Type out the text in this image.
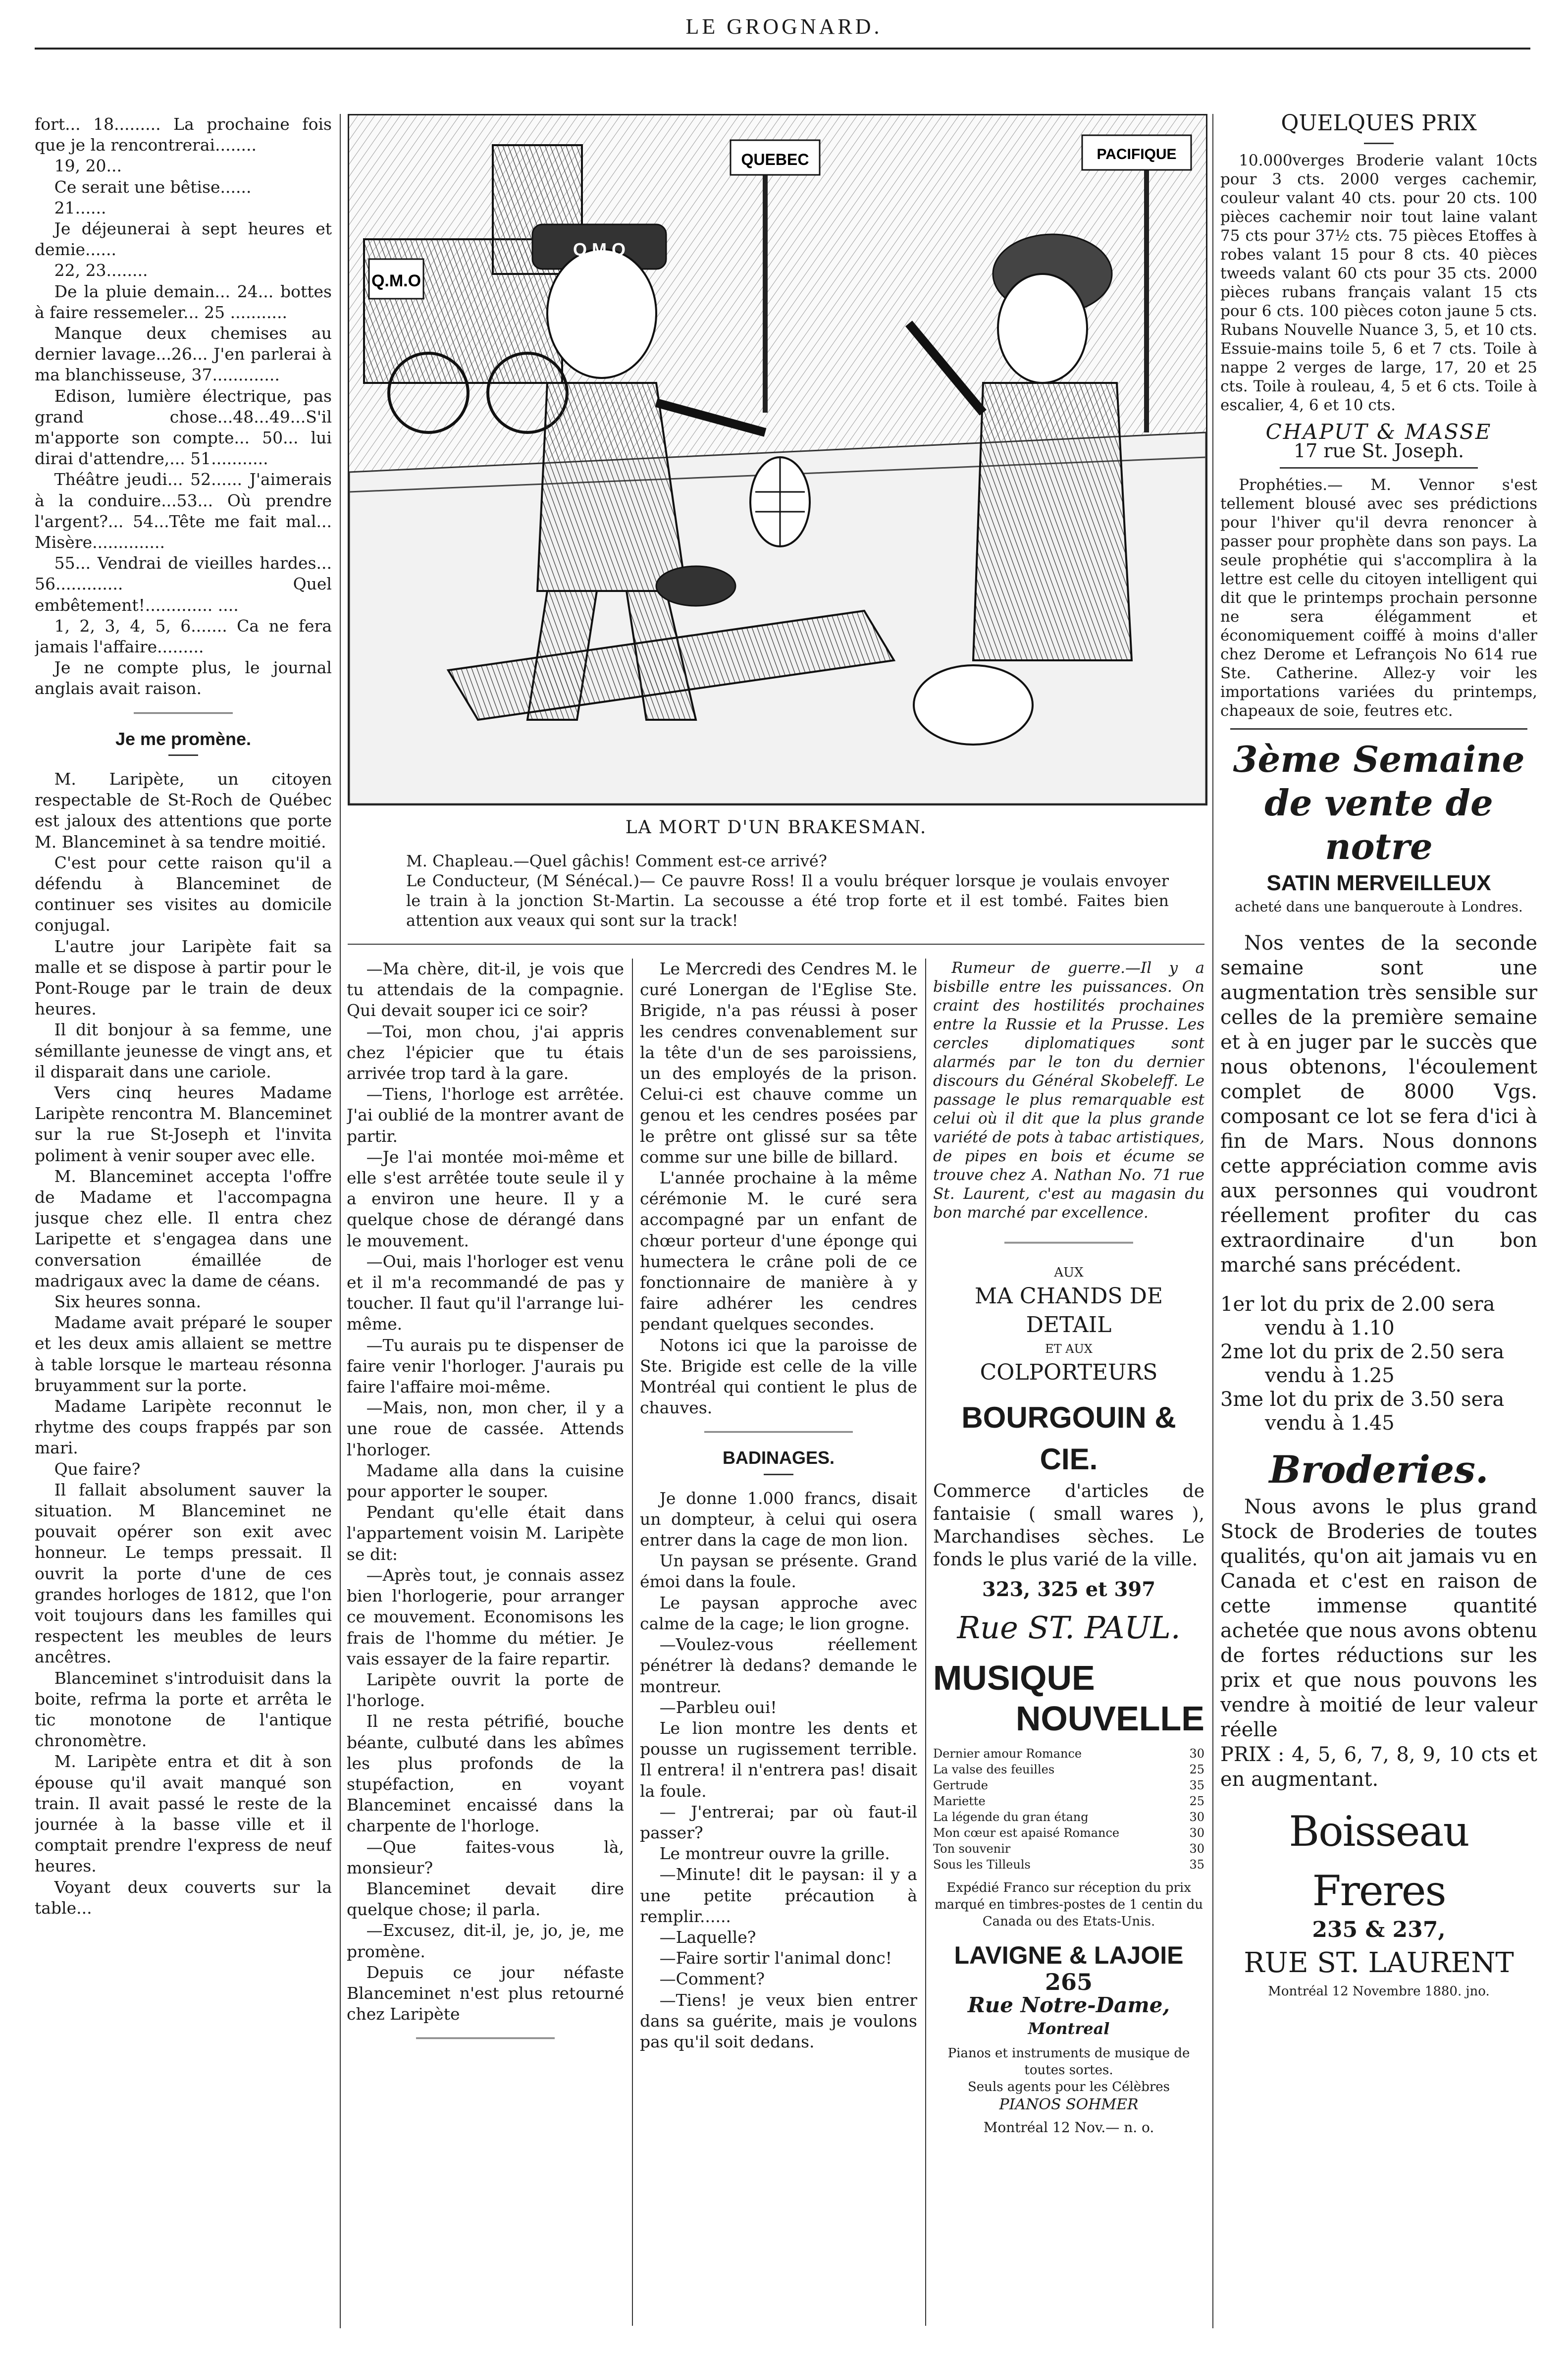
LE GROGNARD.

fort... 18......... La prochaine fois que je la rencontrerai........

19, 20...

Ce serait une bêtise......

21......

Je déjeunerai à sept heures et demie......

22, 23........

De la pluie demain... 24... bottes à faire ressemeler... 25 ...........

Manque deux chemises au dernier lavage...26... J'en parlerai à ma blanchisseuse, 37.............

Edison, lumière électrique, pas grand chose...48...49...S'il m'apporte son compte... 50... lui dirai d'attendre,... 51...........

Théâtre jeudi... 52...... J'aimerais à la conduire...53... Où prendre l'argent?... 54...Tête me fait mal... Misère..............

55... Vendrai de vieilles hardes... 56............. Quel embêtement!............. ....

1, 2, 3, 4, 5, 6....... Ca ne fera jamais l'affaire.........

Je ne compte plus, le journal anglais avait raison.

Je me promène.

M. Laripète, un citoyen respectable de St-Roch de Québec est jaloux des attentions que porte M. Blanceminet à sa tendre moitié.

C'est pour cette raison qu'il a défendu à Blanceminet de continuer ses visites au domicile conjugal.

L'autre jour Laripète fait sa malle et se dispose à partir pour le Pont-Rouge par le train de deux heures.

Il dit bonjour à sa femme, une sémillante jeunesse de vingt ans, et il disparait dans une cariole.

Vers cinq heures Madame Laripète rencontra M. Blanceminet sur la rue St-Joseph et l'invita poliment à venir souper avec elle.

M. Blanceminet accepta l'offre de Madame et l'accompagna jusque chez elle. Il entra chez Laripette et s'engagea dans une conversation émaillée de madrigaux avec la dame de céans.

Six heures sonna.

Madame avait préparé le souper et les deux amis allaient se mettre à table lorsque le marteau résonna bruyamment sur la porte.

Madame Laripète reconnut le rhytme des coups frappés par son mari.

Que faire?

Il fallait absolument sauver la situation. M Blanceminet ne pouvait opérer son exit avec honneur. Le temps pressait. Il ouvrit la porte d'une de ces grandes horloges de 1812, que l'on voit toujours dans les familles qui respectent les meubles de leurs ancêtres.

Blanceminet s'introduisit dans la boite, refrma la porte et arrêta le tic monotone de l'antique chronomètre.

M. Laripète entra et dit à son épouse qu'il avait manqué son train. Il avait passé le reste de la journée à la basse ville et il comptait prendre l'express de neuf heures.

Voyant deux couverts sur la table...

Q.M.O
QUEBEC	PACIFIQUE
Q.M.O
LA MORT D'UN BRAKESMAN.

M. Chapleau.—Quel gâchis! Comment est-ce arrivé?

Le Conducteur, (M Sénécal.)— Ce pauvre Ross! Il a voulu bréquer lorsque je voulais envoyer le train à la jonction St-Martin. La secousse a été trop forte et il est tombé. Faites bien attention aux veaux qui sont sur la track!

—Ma chère, dit-il, je vois que tu attendais de la compagnie. Qui devait souper ici ce soir?

—Toi, mon chou, j'ai appris chez l'épicier que tu étais arrivée trop tard à la gare.

—Tiens, l'horloge est arrêtée. J'ai oublié de la montrer avant de partir.

—Je l'ai montée moi-même et elle s'est arrêtée toute seule il y a environ une heure. Il y a quelque chose de dérangé dans le mouvement.

—Oui, mais l'horloger est venu et il m'a recommandé de pas y toucher. Il faut qu'il l'arrange lui-même.

—Tu aurais pu te dispenser de faire venir l'horloger. J'aurais pu faire l'affaire moi-même.

—Mais, non, mon cher, il y a une roue de cassée. Attends l'horloger.

Madame alla dans la cuisine pour apporter le souper.

Pendant qu'elle était dans l'appartement voisin M. Laripète se dit:

—Après tout, je connais assez bien l'horlogerie, pour arranger ce mouvement. Economisons les frais de l'homme du métier. Je vais essayer de la faire repartir.

Laripète ouvrit la porte de l'horloge.

Il ne resta pétrifié, bouche béante, culbuté dans les abîmes les plus profonds de la stupéfaction, en voyant Blanceminet encaissé dans la charpente de l'horloge.

—Que faites-vous là, monsieur?

Blanceminet devait dire quelque chose; il parla.

—Excusez, dit-il, je, jo, je, me promène.

Depuis ce jour néfaste Blanceminet n'est plus retourné chez Laripète

Le Mercredi des Cendres M. le curé Lonergan de l'Eglise Ste. Brigide, n'a pas réussi à poser les cendres convenablement sur la tête d'un de ses paroissiens, un des employés de la prison. Celui-ci est chauve comme un genou et les cendres posées par le prêtre ont glissé sur sa tête comme sur une bille de billard.

L'année prochaine à la même cérémonie M. le curé sera accompagné par un enfant de chœur porteur d'une éponge qui humectera le crâne poli de ce fonctionnaire de manière à y faire adhérer les cendres pendant quelques secondes.

Notons ici que la paroisse de Ste. Brigide est celle de la ville Montréal qui contient le plus de chauves.

BADINAGES.

Je donne 1.000 francs, disait un dompteur, à celui qui osera entrer dans la cage de mon lion.

Un paysan se présente. Grand émoi dans la foule.

Le paysan approche avec calme de la cage; le lion grogne.

—Voulez-vous réellement pénétrer là dedans? demande le montreur.

—Parbleu oui!

Le lion montre les dents et pousse un rugissement terrible. Il entrera! il n'entrera pas! disait la foule.

— J'entrerai; par où faut-il passer?

Le montreur ouvre la grille.

—Minute! dit le paysan: il y a une petite précaution à remplir......

—Laquelle?

—Faire sortir l'animal donc!

—Comment?

—Tiens! je veux bien entrer dans sa guérite, mais je voulons pas qu'il soit dedans.

Rumeur de guerre.—Il y a bisbille entre les puissances. On craint des hostilités prochaines entre la Russie et la Prusse. Les cercles diplomatiques sont alarmés par le ton du dernier discours du Général Skobeleff. Le passage le plus remarquable est celui où il dit que la plus grande variété de pots à tabac artistiques, de pipes en bois et écume se trouve chez A. Nathan No. 71 rue St. Laurent, c'est au magasin du bon marché par excellence.

AUX
MA CHANDS DE DETAIL
ET AUX
COLPORTEURS
BOURGOUIN & CIE.
Commerce d'articles de fantaisie ( small wares ), Marchandises sèches. Le fonds le plus varié de la ville.
323, 325 et 397
Rue ST. PAUL.
MUSIQUE
NOUVELLE
Dernier amour Romance	30
La valse des feuilles	25
Gertrude	35
Mariette	25
La légende du gran étang	30
Mon cœur est apaisé Romance	30
Ton souvenir	30
Sous les Tilleuls	35
Expédié Franco sur réception du prix marqué en timbres-postes de 1 centin du Canada ou des Etats-Unis.
LAVIGNE & LAJOIE
265
Rue Notre-Dame,
Montreal
Pianos et instruments de musique de toutes sortes.
Seuls agents pour les Célèbres
PIANOS SOHMER
Montréal 12 Nov.— n. o.
QUELQUES PRIX

10.000verges Broderie valant 10cts pour 3 cts. 2000 verges cachemir, couleur valant 40 cts. pour 20 cts. 100 pièces cachemir noir tout laine valant 75 cts pour 37½ cts. 75 pièces Etoffes à robes valant 15 pour 8 cts. 40 pièces tweeds valant 60 cts pour 35 cts. 2000 pièces rubans français valant 15 cts pour 6 cts. 100 pièces coton jaune 5 cts. Rubans Nouvelle Nuance 3, 5, et 10 cts. Essuie-mains toile 5, 6 et 7 cts. Toile à nappe 2 verges de large, 17, 20 et 25 cts. Toile à rouleau, 4, 5 et 6 cts. Toile à escalier, 4, 6 et 10 cts.

CHAPUT & MASSE
17 rue St. Joseph.

Prophéties.— M. Vennor s'est tellement blousé avec ses prédictions pour l'hiver qu'il devra renoncer à passer pour prophète dans son pays. La seule prophétie qui s'accomplira à la lettre est celle du citoyen intelligent qui dit que le printemps prochain personne ne sera élégamment et économiquement coiffé à moins d'aller chez Derome et Lefrançois No 614 rue Ste. Catherine. Allez-y voir les importations variées du printemps, chapeaux de soie, feutres etc.

3ème Semaine
de vente de
notre
SATIN MERVEILLEUX
acheté dans une banqueroute à Londres.

Nos ventes de la seconde semaine sont une augmentation très sensible sur celles de la première semaine et à en juger par le succès que nous obtenons, l'écoulement complet de 8000 Vgs. composant ce lot se fera d'ici à fin de Mars. Nous donnons cette appréciation comme avis aux personnes qui voudront réellement profiter du cas extraordinaire d'un bon marché sans précédent.

1er lot du prix de 2.00 sera
vendu à 1.10
2me lot du prix de 2.50 sera
vendu à 1.25
3me lot du prix de 3.50 sera
vendu à 1.45
Broderies.

Nous avons le plus grand Stock de Broderies de toutes qualités, qu'on ait jamais vu en Canada et c'est en raison de cette immense quantité achetée que nous avons obtenu de fortes réductions sur les prix et que nous pouvons les vendre à moitié de leur valeur réelle

PRIX : 4, 5, 6, 7, 8, 9, 10 cts et en augmentant.

Boisseau Freres
235 & 237,
RUE ST. LAURENT
Montréal 12 Novembre 1880. jno.
